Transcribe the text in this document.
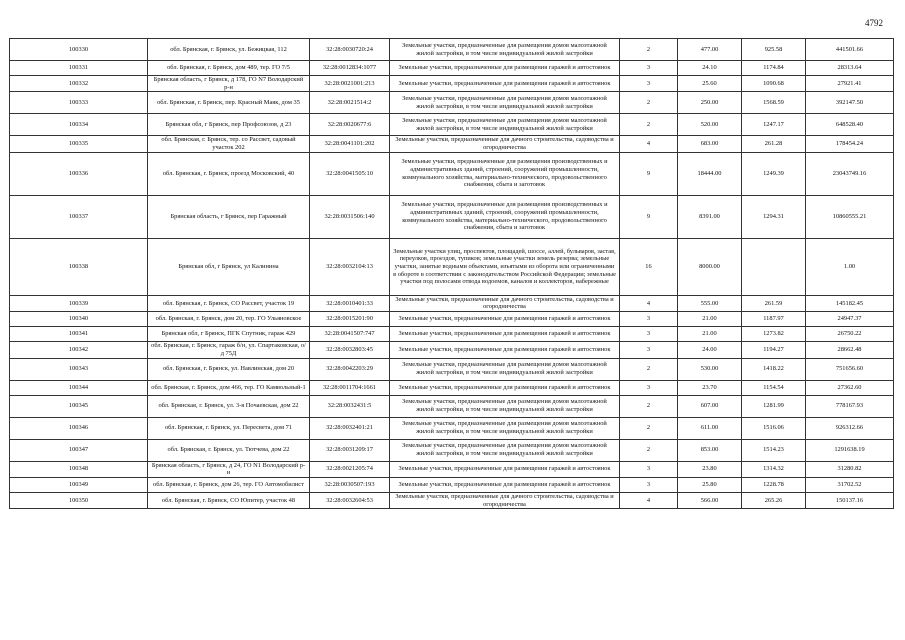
4792
100330	обл. Брянская, г. Брянск, ул. Бежицкая, 112	32:28:0030720:24	Земельные участки, предназначенные для размещения домов малоэтажной жилой застройки, в том числе индивидуальной жилой застройки	2	477.00	925.58	441501.66
100331	обл. Брянская, г. Брянск, дом 489, тер. ГО 7/5	32:28:0012834:1077	Земельные участки, предназначенные для размещения гаражей и автостоянок	3	24.10	1174.84	28313.64
100332	Брянская область, г Брянск, д 178, ГО N7 Володарский р-н	32:28:0021001:213	Земельные участки, предназначенные для размещения гаражей и автостоянок	3	25.60	1090.68	27921.41
100333	обл. Брянская, г. Брянск, пер. Красный Маяк, дом 35	32:28:0021514:2	Земельные участки, предназначенные для размещения домов малоэтажной жилой застройки, в том числе индивидуальной жилой застройки	2	250.00	1568.59	392147.50
100334	Брянская обл, г Брянск, пер Профсоюзов, д 23	32:28:0020677:6	Земельные участки, предназначенные для размещения домов малоэтажной жилой застройки, в том числе индивидуальной жилой застройки	2	520.00	1247.17	648528.40
100335	обл. Брянская, г. Брянск, тер. со Рассвет, садовый участок 202	32:28:0041101:202	Земельные участки, предназначенные для дачного строительства, садоводства и огородничества	4	683.00	261.28	178454.24
100336	обл. Брянская, г. Брянск, проезд Московский, 40	32:28:0041505:10	Земельные участки, предназначенные для размещения производственных и административных зданий, строений, сооружений промышленности, коммунального хозяйства, материально-технического, продовольственного снабжения, сбыта и заготовок	9	18444.00	1249.39	23043749.16
100337	Брянская область, г Брянск, пер Гаражный	32:28:0031506:140	Земельные участки, предназначенные для размещения производственных и административных зданий, строений, сооружений промышленности, коммунального хозяйства, материально-технического, продовольственного снабжения, сбыта и заготовок	9	8391.00	1294.31	10860555.21
100338	Брянская обл, г Брянск, ул Калинина	32:28:0032104:13	Земельные участки улиц, проспектов, площадей, шоссе, аллей, бульваров, застав, переулков, проездов, тупиков; земельные участки земель резерва; земельные участки, занятые водными объектами, изъятыми из оборота или ограниченными в обороте в соответствии с законодательством Российской Федерации; земельные участки под полосами отвода водоемов, каналов и коллекторов, набережные	16	8000.00		1.00
100339	обл. Брянская, г. Брянск, СО Рассвет, участок 19	32:28:0010401:33	Земельные участки, предназначенные для дачного строительства, садоводства и огородничества	4	555.00	261.59	145182.45
100340	обл. Брянская, г. Брянск, дом 20, тер. ГО Ульяновское	32:28:0015201:90	Земельные участки, предназначенные для размещения гаражей и автостоянок	3	21.00	1187.97	24947.37
100341	Брянская обл, г Брянск, ПГК Спутник, гараж 429	32:28:0041507:747	Земельные участки, предназначенные для размещения гаражей и автостоянок	3	21.00	1273.82	26750.22
100342	обл. Брянская, г. Брянск, гараж б/н, ул. Спартаковская, о/д 75Д	32:28:0032803:45	Земельные участки, предназначенные для размещения гаражей и автостоянок	3	24.00	1194.27	28662.48
100343	обл. Брянская, г. Брянск, ул. Навлинская, дом 20	32:28:0042203:29	Земельные участки, предназначенные для размещения домов малоэтажной жилой застройки, в том числе индивидуальной жилой застройки	2	530.00	1418.22	751656.60
100344	обл. Брянская, г. Брянск, дом 466, тер. ГО Камвольный-1	32:28:0011704:1661	Земельные участки, предназначенные для размещения гаражей и автостоянок	3	23.70	1154.54	27362.60
100345	обл. Брянская, г. Брянск, ул. 3-я Почаевская, дом 22	32:28:0032431:5	Земельные участки, предназначенные для размещения домов малоэтажной жилой застройки, в том числе индивидуальной жилой застройки	2	607.00	1281.99	778167.93
100346	обл. Брянская, г. Брянск, ул. Пересвета, дом 71	32:28:0032401:21	Земельные участки, предназначенные для размещения домов малоэтажной жилой застройки, в том числе индивидуальной жилой застройки	2	611.00	1516.06	926312.66
100347	обл. Брянская, г. Брянск, ул. Тютчева, дом 22	32:28:0031209:17	Земельные участки, предназначенные для размещения домов малоэтажной жилой застройки, в том числе индивидуальной жилой застройки	2	853.00	1514.23	1291638.19
100348	Брянская область, г Брянск, д 24, ГО N1 Володарский р-н	32:28:0021205:74	Земельные участки, предназначенные для размещения гаражей и автостоянок	3	23.80	1314.32	31280.82
100349	обл. Брянская, г. Брянск, дом 26, тер. ГО Автомобилист	32:28:0030507:193	Земельные участки, предназначенные для размещения гаражей и автостоянок	3	25.80	1228.78	31702.52
100350	обл. Брянская, г. Брянск, СО Юпитер, участок 48	32:28:0032604:53	Земельные участки, предназначенные для дачного строительства, садоводства и огородничества	4	566.00	265.26	150137.16
